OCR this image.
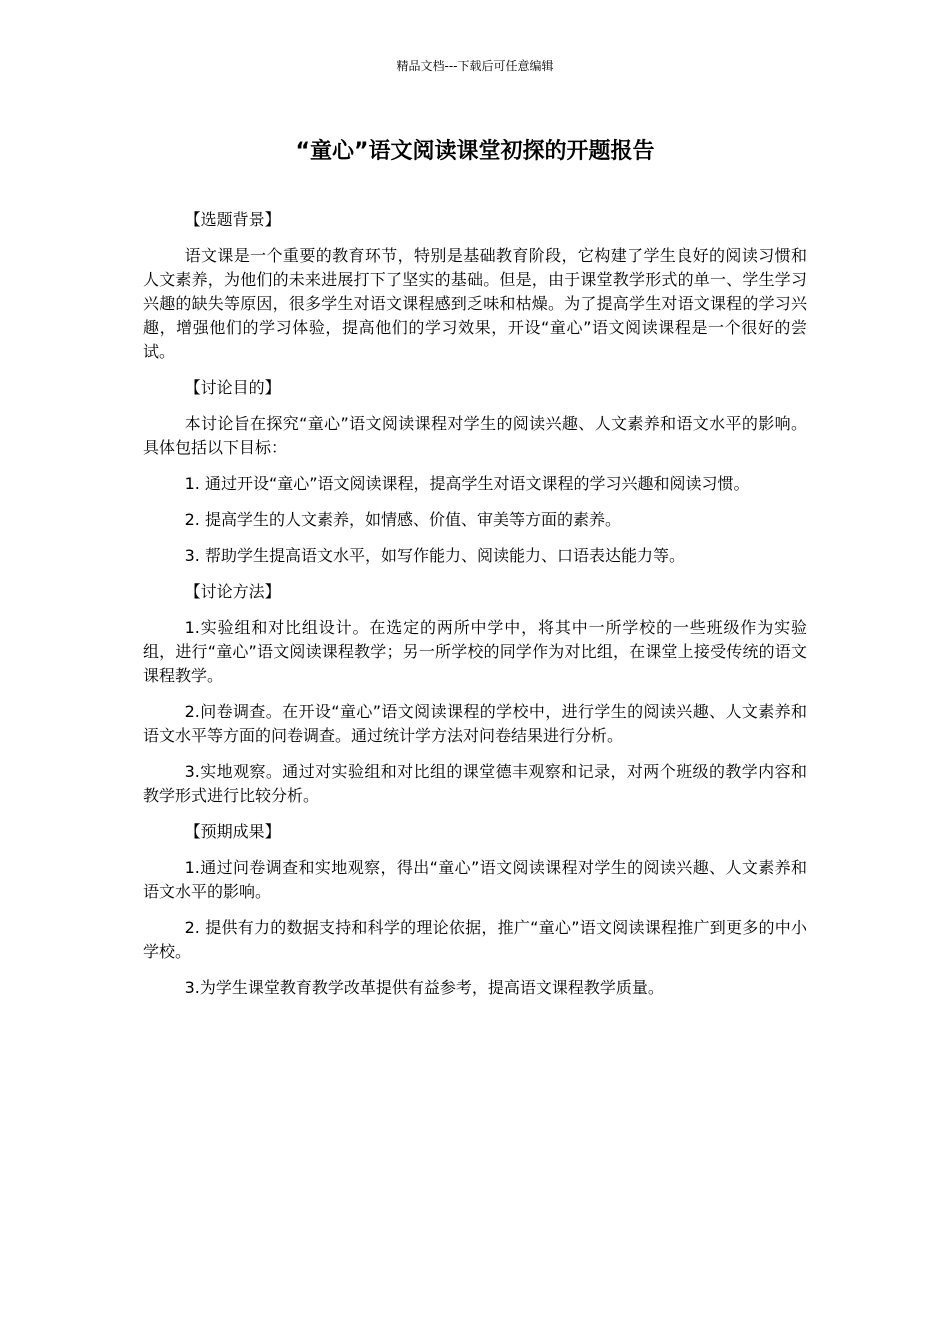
精品文档---下载后可任意编辑
“童心”语文阅读课堂初探的开题报告

【选题背景】

语文课是一个重要的教育环节，特别是基础教育阶段，它构建了学生良好的阅读习惯和人文素养，为他们的未来进展打下了坚实的基础。但是，由于课堂教学形式的单一、学生学习兴趣的缺失等原因，很多学生对语文课程感到乏味和枯燥。为了提高学生对语文课程的学习兴趣，增强他们的学习体验，提高他们的学习效果，开设“童心”语文阅读课程是一个很好的尝试。

【讨论目的】

本讨论旨在探究“童心”语文阅读课程对学生的阅读兴趣、人文素养和语文水平的影响。具体包括以下目标：

1. 通过开设“童心”语文阅读课程，提高学生对语文课程的学习兴趣和阅读习惯。

2. 提高学生的人文素养，如情感、价值、审美等方面的素养。

3. 帮助学生提高语文水平，如写作能力、阅读能力、口语表达能力等。

【讨论方法】

1.实验组和对比组设计。在选定的两所中学中，将其中一所学校的一些班级作为实验组，进行“童心”语文阅读课程教学；另一所学校的同学作为对比组，在课堂上接受传统的语文课程教学。

2.问卷调查。在开设“童心”语文阅读课程的学校中，进行学生的阅读兴趣、人文素养和语文水平等方面的问卷调查。通过统计学方法对问卷结果进行分析。

3.实地观察。通过对实验组和对比组的课堂德丰观察和记录，对两个班级的教学内容和教学形式进行比较分析。

【预期成果】

1.通过问卷调查和实地观察，得出“童心”语文阅读课程对学生的阅读兴趣、人文素养和语文水平的影响。

2. 提供有力的数据支持和科学的理论依据，推广“童心”语文阅读课程推广到更多的中小学校。

3.为学生课堂教育教学改革提供有益参考，提高语文课程教学质量。
